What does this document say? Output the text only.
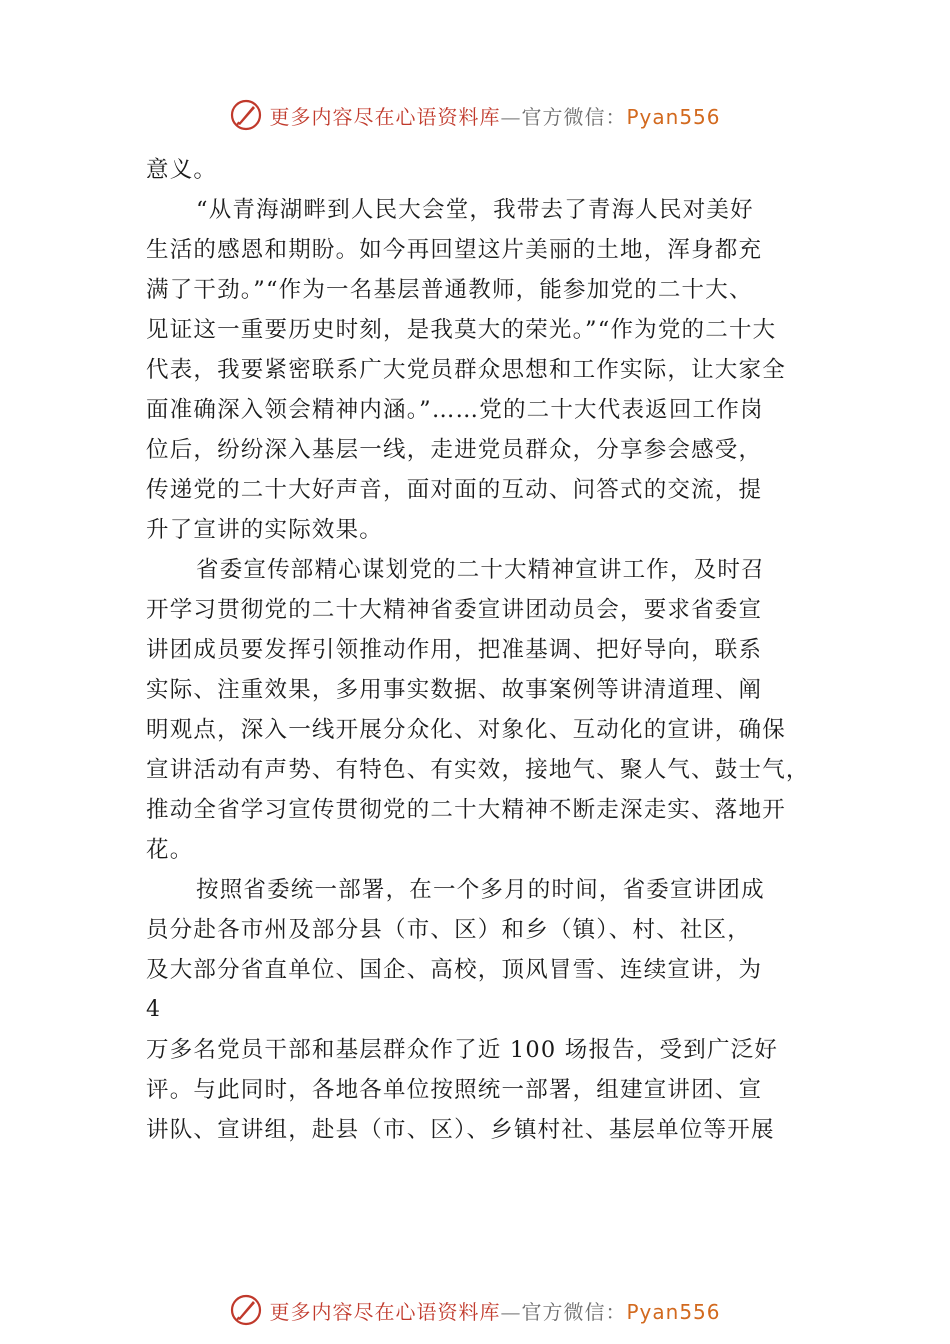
更多内容尽在心语资料库—官方微信：Pyan556
意义。
“从青海湖畔到人民大会堂，我带去了青海人民对美好
生活的感恩和期盼。如今再回望这片美丽的土地，浑身都充
满了干劲。”“作为一名基层普通教师，能参加党的二十大、
见证这一重要历史时刻，是我莫大的荣光。”“作为党的二十大
代表，我要紧密联系广大党员群众思想和工作实际，让大家全
面准确深入领会精神内涵。”……党的二十大代表返回工作岗
位后，纷纷深入基层一线，走进党员群众，分享参会感受，
传递党的二十大好声音，面对面的互动、问答式的交流，提
升了宣讲的实际效果。
省委宣传部精心谋划党的二十大精神宣讲工作，及时召
开学习贯彻党的二十大精神省委宣讲团动员会，要求省委宣
讲团成员要发挥引领推动作用，把准基调、把好导向，联系
实际、注重效果，多用事实数据、故事案例等讲清道理、阐
明观点，深入一线开展分众化、对象化、互动化的宣讲，确保
宣讲活动有声势、有特色、有实效，接地气、聚人气、鼓士气，
推动全省学习宣传贯彻党的二十大精神不断走深走实、落地开
花。
按照省委统一部署，在一个多月的时间，省委宣讲团成
员分赴各市州及部分县（市、区）和乡（镇）、村、社区，
及大部分省直单位、国企、高校，顶风冒雪、连续宣讲，为
4
万多名党员干部和基层群众作了近 100 场报告，受到广泛好
评。与此同时，各地各单位按照统一部署，组建宣讲团、宣
讲队、宣讲组，赴县（市、区）、乡镇村社、基层单位等开展
更多内容尽在心语资料库—官方微信：Pyan556
